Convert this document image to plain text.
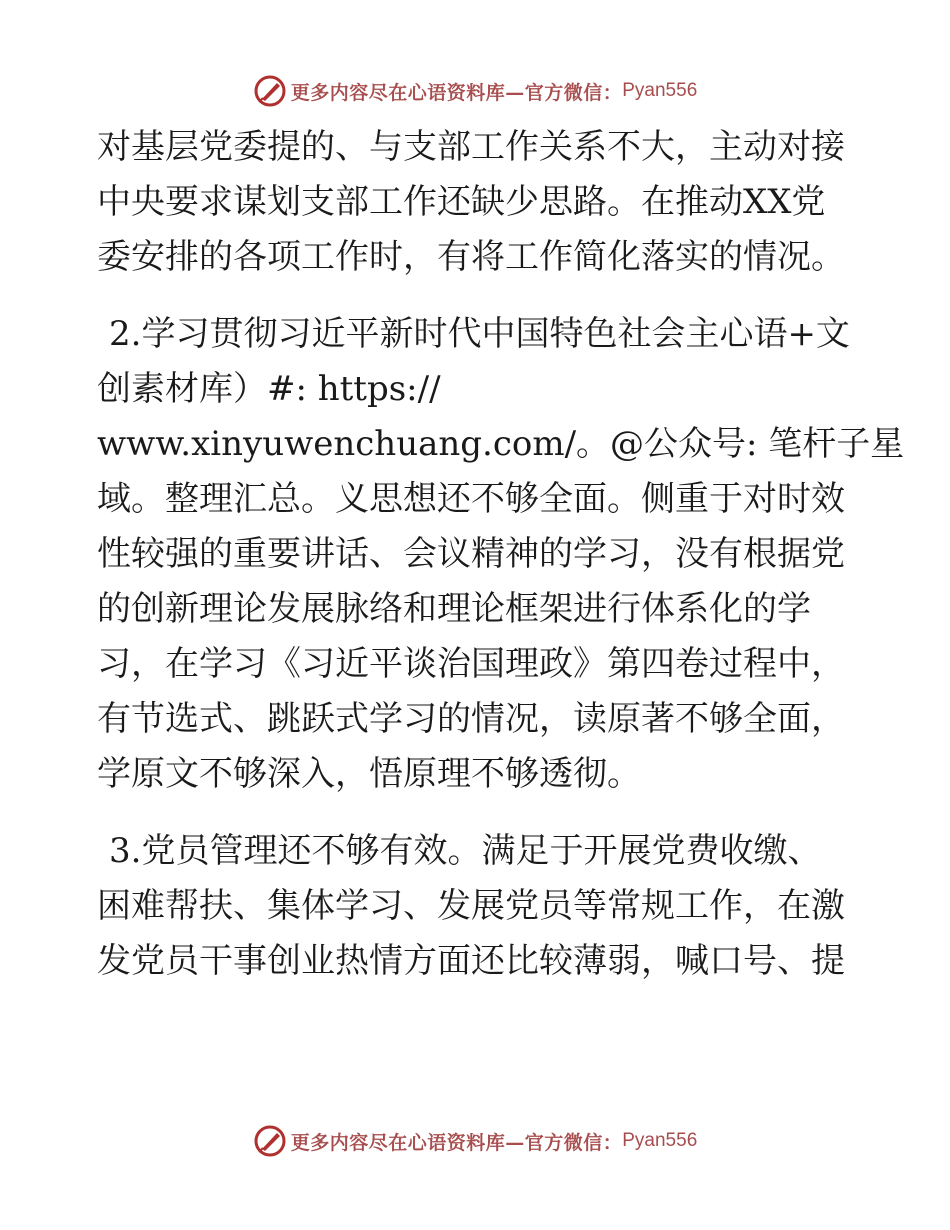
更多内容尽在心语资料库—官方微信： Pyan556
对基层党委提的、与支部工作关系不大，主动对接
中央要求谋划支部工作还缺少思路。在推动XX党
委安排的各项工作时，有将工作简化落实的情况。
2.学习贯彻习近平新时代中国特色社会主心语+文
创素材库）#: https://
www.xinyuwenchuang.com/。@公众号: 笔杆子星
域。整理汇总。义思想还不够全面。侧重于对时效
性较强的重要讲话、会议精神的学习，没有根据党
的创新理论发展脉络和理论框架进行体系化的学
习，在学习《习近平谈治国理政》第四卷过程中，
有节选式、跳跃式学习的情况，读原著不够全面，
学原文不够深入，悟原理不够透彻。
3.党员管理还不够有效。满足于开展党费收缴、
困难帮扶、集体学习、发展党员等常规工作，在激
发党员干事创业热情方面还比较薄弱，喊口号、提
更多内容尽在心语资料库—官方微信： Pyan556
